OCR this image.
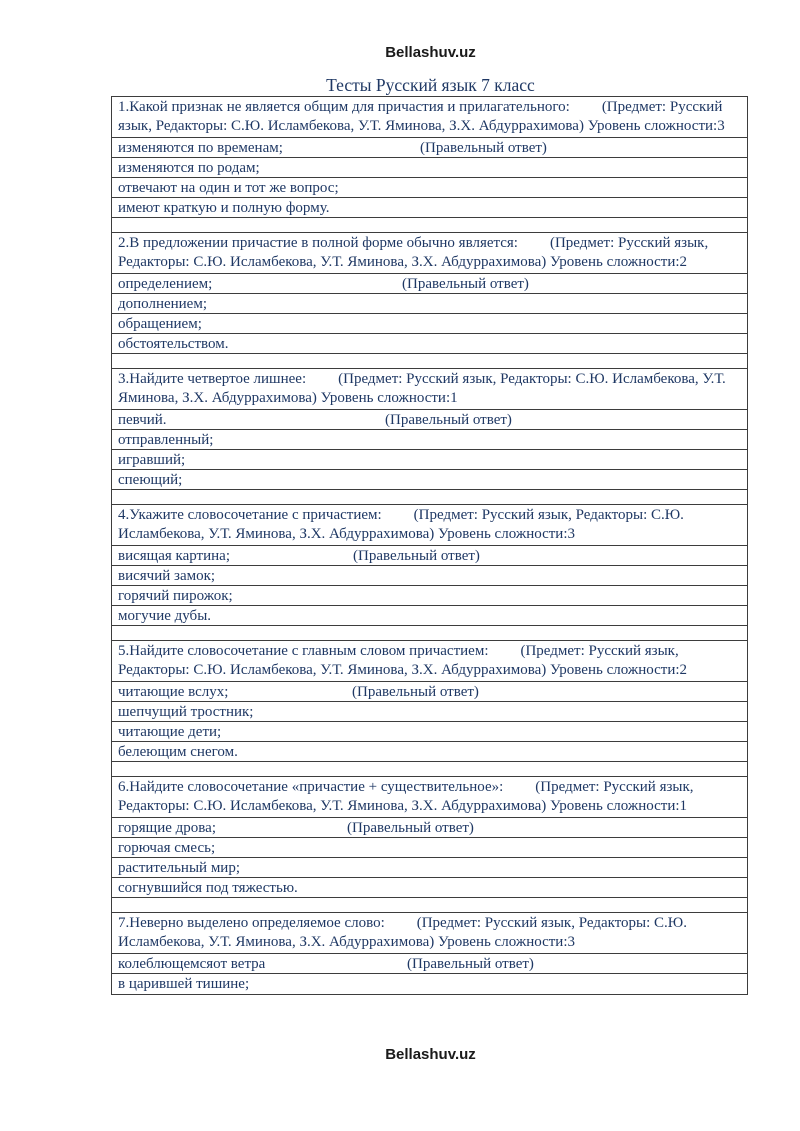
Bellashuv.uz
Тесты Русский язык 7 класс
1.Какой признак не является общим для причастия и прилагательного: (Предмет: Русский язык, Редакторы: С.Ю. Исламбекова, У.Т. Яминова, З.Х. Абдуррахимова) Уровень сложности:3
изменяются по временам;	(Правельный ответ)
изменяются по родам;
отвечают на один и тот же вопрос;
имеют краткую и полную форму.
2.В предложении причастие в полной форме обычно является: (Предмет: Русский язык, Редакторы: С.Ю. Исламбекова, У.Т. Яминова, З.Х. Абдуррахимова) Уровень сложности:2
определением;	(Правельный ответ)
дополнением;
обращением;
обстоятельством.
3.Найдите четвертое лишнее: (Предмет: Русский язык, Редакторы: С.Ю. Исламбекова, У.Т. Яминова, З.Х. Абдуррахимова) Уровень сложности:1
певчий.	(Правельный ответ)
отправленный;
игравший;
спеющий;
4.Укажите словосочетание с причастием: (Предмет: Русский язык, Редакторы: С.Ю. Исламбекова, У.Т. Яминова, З.Х. Абдуррахимова) Уровень сложности:3
висящая картина;	(Правельный ответ)
висячий замок;
горячий пирожок;
могучие дубы.
5.Найдите словосочетание с главным словом причастием: (Предмет: Русский язык, Редакторы: С.Ю. Исламбекова, У.Т. Яминова, З.Х. Абдуррахимова) Уровень сложности:2
читающие вслух;	(Правельный ответ)
шепчущий тростник;
читающие дети;
белеющим снегом.
6.Найдите словосочетание «причастие + существительное»: (Предмет: Русский язык, Редакторы: С.Ю. Исламбекова, У.Т. Яминова, З.Х. Абдуррахимова) Уровень сложности:1
горящие дрова;	(Правельный ответ)
горючая смесь;
растительный мир;
согнувшийся под тяжестью.
7.Неверно выделено определяемое слово: (Предмет: Русский язык, Редакторы: С.Ю. Исламбекова, У.Т. Яминова, З.Х. Абдуррахимова) Уровень сложности:3
колеблющемсяот ветра	(Правельный ответ)
в царившей тишине;
Bellashuv.uz
